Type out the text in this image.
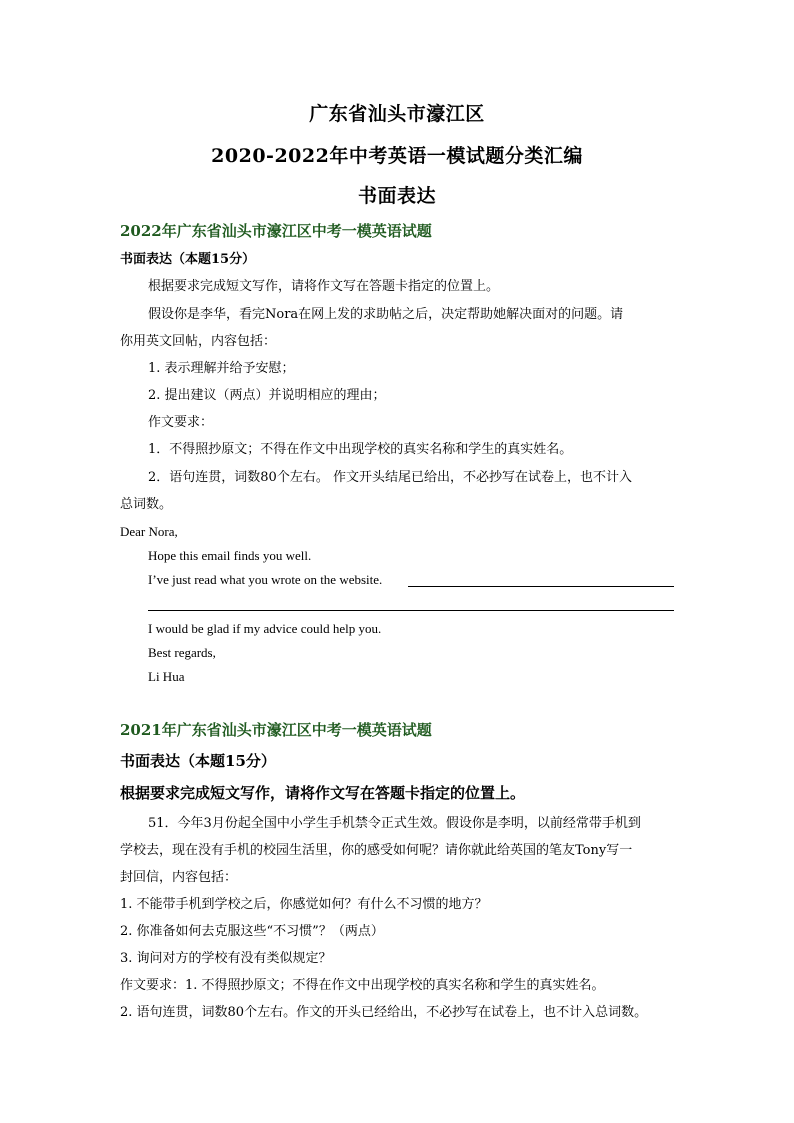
广东省汕头市濠江区
2020-2022年中考英语一模试题分类汇编
书面表达
2022年广东省汕头市濠江区中考一模英语试题
书面表达（本题15分）
根据要求完成短文写作，请将作文写在答题卡指定的位置上。
假设你是李华，看完Nora在网上发的求助帖之后，决定帮助她解决面对的问题。请
你用英文回帖，内容包括：
1. 表示理解并给予安慰；
2. 提出建议（两点）并说明相应的理由；
作文要求：
1．不得照抄原文；不得在作文中出现学校的真实名称和学生的真实姓名。
2．语句连贯，词数80个左右。 作文开头结尾已给出，不必抄写在试卷上，也不计入
总词数。
Dear Nora,
Hope this email finds you well.
I’ve just read what you wrote on the website.
I would be glad if my advice could help you.
Best regards,
Li Hua
2021年广东省汕头市濠江区中考一模英语试题
书面表达（本题15分）
根据要求完成短文写作，请将作文写在答题卡指定的位置上。
51．今年3月份起全国中小学生手机禁令正式生效。假设你是李明，以前经常带手机到
学校去，现在没有手机的校园生活里，你的感受如何呢？请你就此给英国的笔友Tony写一
封回信，内容包括：
1. 不能带手机到学校之后，你感觉如何？有什么不习惯的地方？
2. 你准备如何去克服这些“不习惯”？（两点）
3. 询问对方的学校有没有类似规定？
作文要求：1. 不得照抄原文；不得在作文中出现学校的真实名称和学生的真实姓名。
2. 语句连贯，词数80个左右。作文的开头已经给出，不必抄写在试卷上，也不计入总词数。
